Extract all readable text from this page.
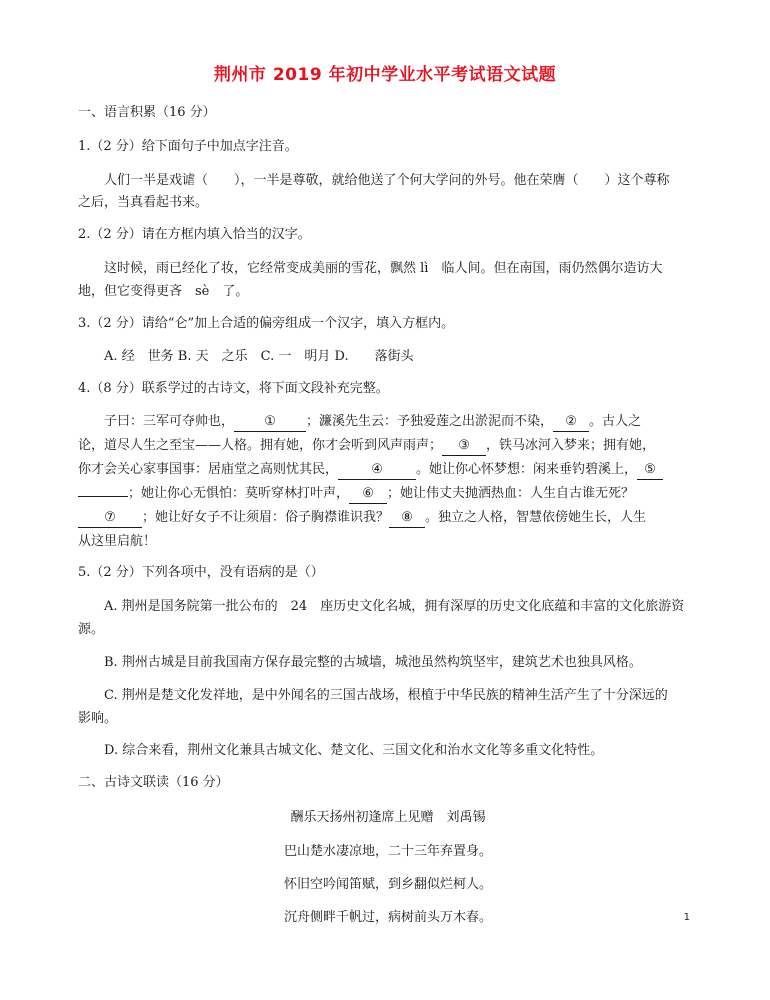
荆州市 2019 年初中学业水平考试语文试题
一、语言积累（16 分）
1.（2 分）给下面句子中加点字注音。
人们一半是戏谑（　　），一半是尊敬，就给他送了个何大学问的外号。他在荣膺（　　）这个尊称
之后，当真看起书来。
2.（2 分）请在方框内填入恰当的汉字。
这时候，雨已经化了妆，它经常变成美丽的雪花，飘然 lì　临人间。但在南国，雨仍然偶尔造访大
地，但它变得更吝　sè　了。
3.（2 分）请给“仑”加上合适的偏旁组成一个汉字，填入方框内。
A. 经　世务 B. 天　之乐　C. 一　明月 D.　　落街头
4.（8 分）联系学过的古诗文，将下面文段补充完整。
子曰：三军可夺帅也， ① ；濂溪先生云：予独爱莲之出淤泥而不染， ② 。古人之
论，道尽人生之至宝——人格。拥有她，你才会听到风声雨声； ③ ，铁马冰河入梦来；拥有她，
你才会关心家事国事：居庙堂之高则忧其民，	④	。她让你心怀梦想：闲来垂钓碧溪上， ⑤
；她让你心无惧怕：莫听穿林打叶声， ⑥ ；她让伟丈夫抛洒热血：人生自古谁无死？
⑦ ；她让好女子不让须眉：俗子胸襟谁识我？ ⑧ 。独立之人格，智慧依傍她生长，人生
从这里启航！
5.（2 分）下列各项中，没有语病的是（）
A. 荆州是国务院第一批公布的　24　座历史文化名城，拥有深厚的历史文化底蕴和丰富的文化旅游资
源。
B. 荆州古城是目前我国南方保存最完整的古城墙，城池虽然构筑坚牢，建筑艺术也独具风格。
C. 荆州是楚文化发祥地，是中外闻名的三国古战场，根植于中华民族的精神生活产生了十分深远的
影响。
D. 综合来看，荆州文化兼具古城文化、楚文化、三国文化和治水文化等多重文化特性。
二、古诗文联读（16 分）
酬乐天扬州初逢席上见赠　刘禹锡
巴山楚水凄凉地，二十三年弃置身。
怀旧空吟闻笛赋，到乡翻似烂柯人。
沉舟侧畔千帆过，病树前头万木春。	1
